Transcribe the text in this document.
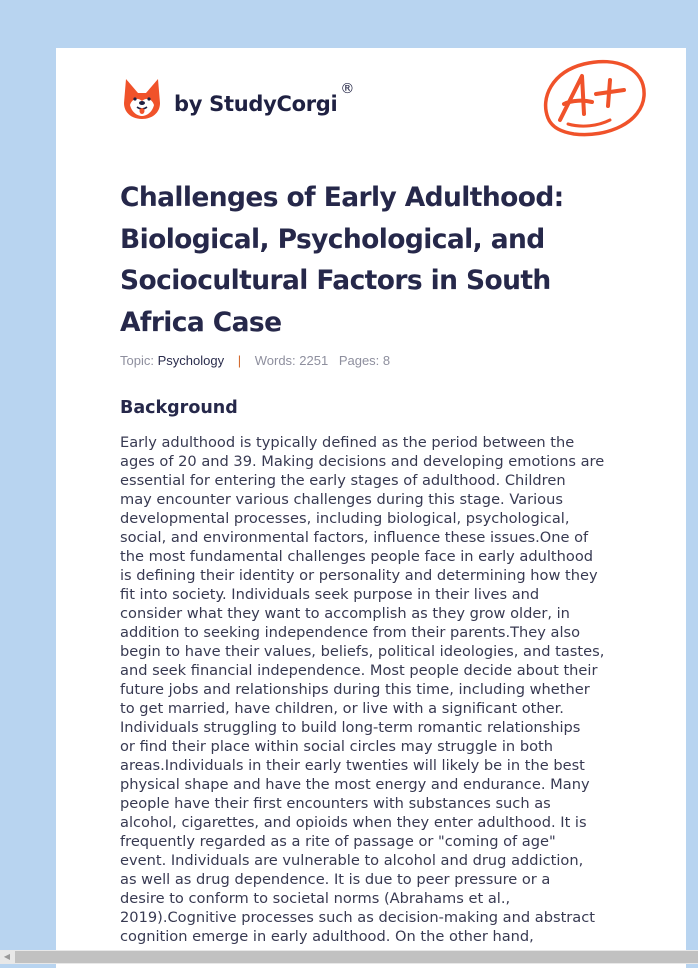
by StudyCorgi
®
Challenges of Early Adulthood: Biological, Psychological, and Sociocultural Factors in South Africa Case
Topic: Psychology | Words: 2251 Pages: 8
Background

Early adulthood is typically defined as the period between the
ages of 20 and 39. Making decisions and developing emotions are
essential for entering the early stages of adulthood. Children
may encounter various challenges during this stage. Various
developmental processes, including biological, psychological,
social, and environmental factors, influence these issues.One of
the most fundamental challenges people face in early adulthood
is defining their identity or personality and determining how they
fit into society. Individuals seek purpose in their lives and
consider what they want to accomplish as they grow older, in
addition to seeking independence from their parents.They also
begin to have their values, beliefs, political ideologies, and tastes,
and seek financial independence. Most people decide about their
future jobs and relationships during this time, including whether
to get married, have children, or live with a significant other.
Individuals struggling to build long-term romantic relationships
or find their place within social circles may struggle in both
areas.Individuals in their early twenties will likely be in the best
physical shape and have the most energy and endurance. Many
people have their first encounters with substances such as
alcohol, cigarettes, and opioids when they enter adulthood. It is
frequently regarded as a rite of passage or "coming of age"
event. Individuals are vulnerable to alcohol and drug addiction,
as well as drug dependence. It is due to peer pressure or a
desire to conform to societal norms (Abrahams et al.,
2019).Cognitive processes such as decision-making and abstract
cognition emerge in early adulthood. On the other hand,

◀
